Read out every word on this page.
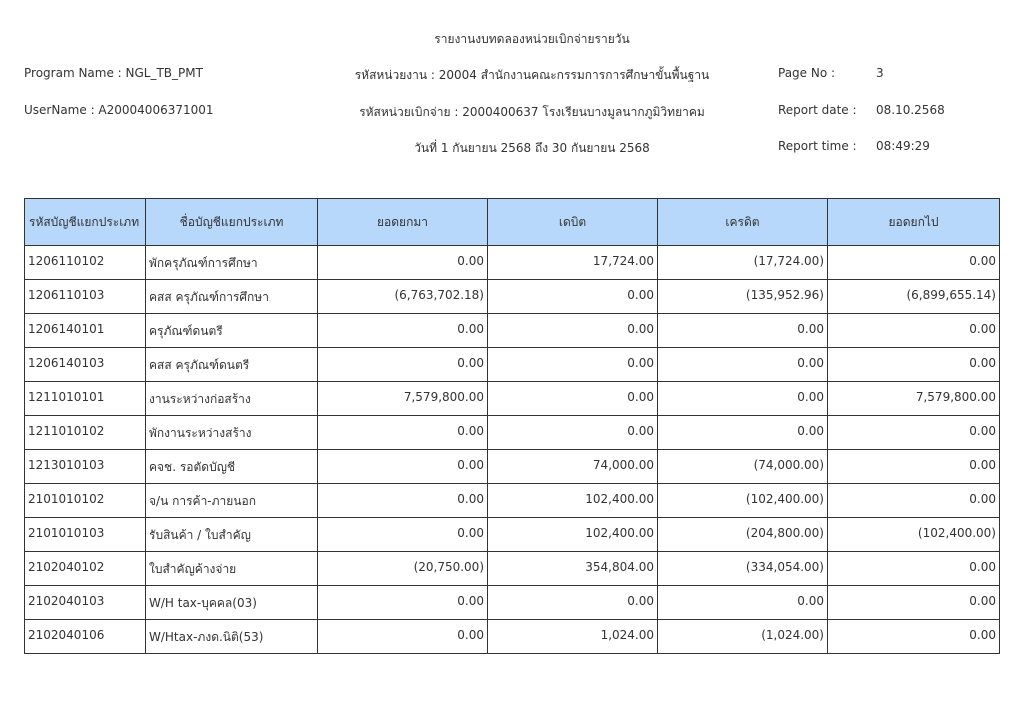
รายงานงบทดลองหน่วยเบิกจ่ายรายวัน
Program Name : NGL_TB_PMT	รหัสหน่วยงาน : 20004 สำนักงานคณะกรรมการการศึกษาขั้นพื้นฐาน	Page No :	3
UserName : A20004006371001	รหัสหน่วยเบิกจ่าย : 2000400637 โรงเรียนบางมูลนากภูมิวิทยาคม	Report date : 08.10.2568
วันที่ 1 กันยายน 2568 ถึง 30 กันยายน 2568	Report time : 08:49:29
รหัสบัญชีแยกประเภท	ชื่อบัญชีแยกประเภท	ยอดยกมา	เดบิต	เครดิต	ยอดยกไป
1206110102	พักครุภัณฑ์การศึกษา	0.00	17,724.00	(17,724.00)	0.00
1206110103	คสส ครุภัณฑ์การศึกษา	(6,763,702.18)	0.00	(135,952.96)	(6,899,655.14)
1206140101	ครุภัณฑ์ดนตรี	0.00	0.00	0.00	0.00
1206140103	คสส ครุภัณฑ์ดนตรี	0.00	0.00	0.00	0.00
1211010101	งานระหว่างก่อสร้าง	7,579,800.00	0.00	0.00	7,579,800.00
1211010102	พักงานระหว่างสร้าง	0.00	0.00	0.00	0.00
1213010103	คจช. รอตัดบัญชี	0.00	74,000.00	(74,000.00)	0.00
2101010102	จ/น การค้า-ภายนอก	0.00	102,400.00	(102,400.00)	0.00
2101010103	รับสินค้า / ใบสำคัญ	0.00	102,400.00	(204,800.00)	(102,400.00)
2102040102	ใบสำคัญค้างจ่าย	(20,750.00)	354,804.00	(334,054.00)	0.00
2102040103	W/H tax-บุคคล(03)	0.00	0.00	0.00	0.00
2102040106	W/Htax-ภงด.นิติ(53)	0.00	1,024.00	(1,024.00)	0.00
